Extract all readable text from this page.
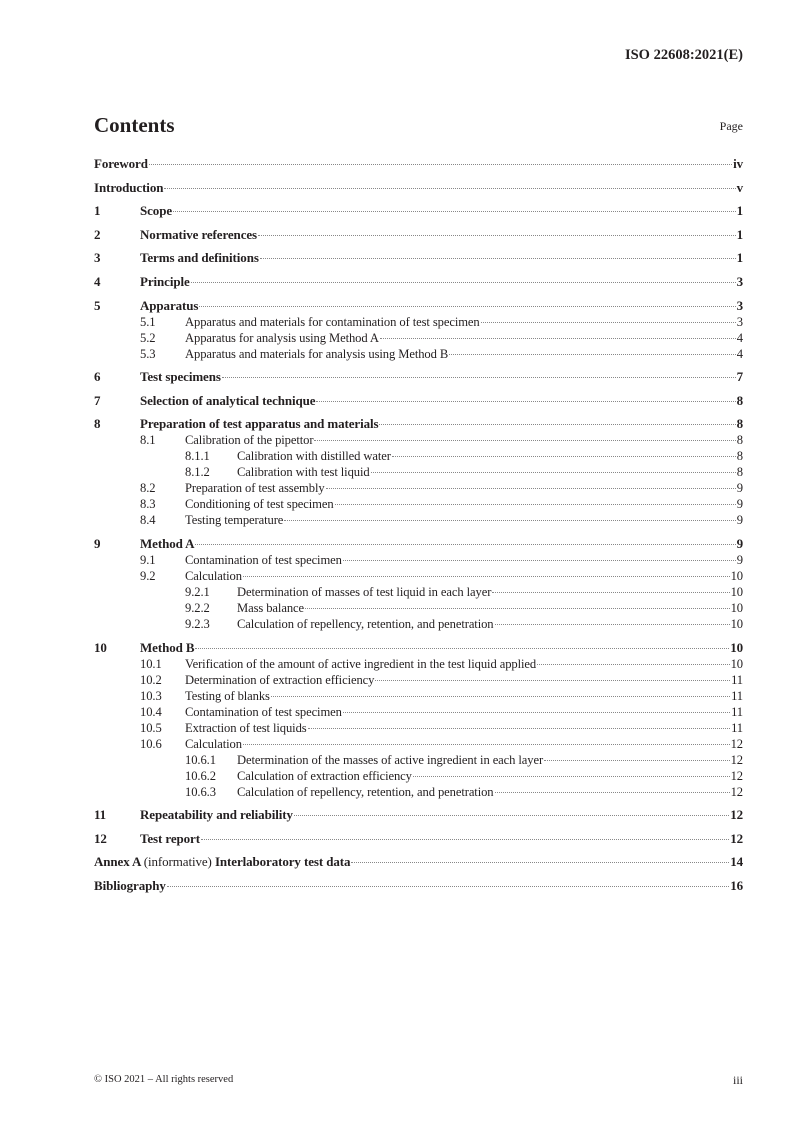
ISO 22608:2021(E)
Contents	Page
Foreword	iv
Introduction	v
1	Scope	1
2	Normative references	1
3	Terms and definitions	1
4	Principle	3
5	Apparatus	3
5.1	Apparatus and materials for contamination of test specimen	3
5.2	Apparatus for analysis using Method A	4
5.3	Apparatus and materials for analysis using Method B	4
6	Test specimens	7
7	Selection of analytical technique	8
8	Preparation of test apparatus and materials	8
8.1	Calibration of the pipettor	8
8.1.1	Calibration with distilled water	8
8.1.2	Calibration with test liquid	8
8.2	Preparation of test assembly	9
8.3	Conditioning of test specimen	9
8.4	Testing temperature	9
9	Method A	9
9.1	Contamination of test specimen	9
9.2	Calculation	10
9.2.1	Determination of masses of test liquid in each layer	10
9.2.2	Mass balance	10
9.2.3	Calculation of repellency, retention, and penetration	10
10	Method B	10
10.1	Verification of the amount of active ingredient in the test liquid applied	10
10.2	Determination of extraction efficiency	11
10.3	Testing of blanks	11
10.4	Contamination of test specimen	11
10.5	Extraction of test liquids	11
10.6	Calculation	12
10.6.1	Determination of the masses of active ingredient in each layer	12
10.6.2	Calculation of extraction efficiency	12
10.6.3	Calculation of repellency, retention, and penetration	12
11	Repeatability and reliability	12
12	Test report	12
Annex A (informative) Interlaboratory test data	14
Bibliography	16
© ISO 2021 – All rights reserved	iii
